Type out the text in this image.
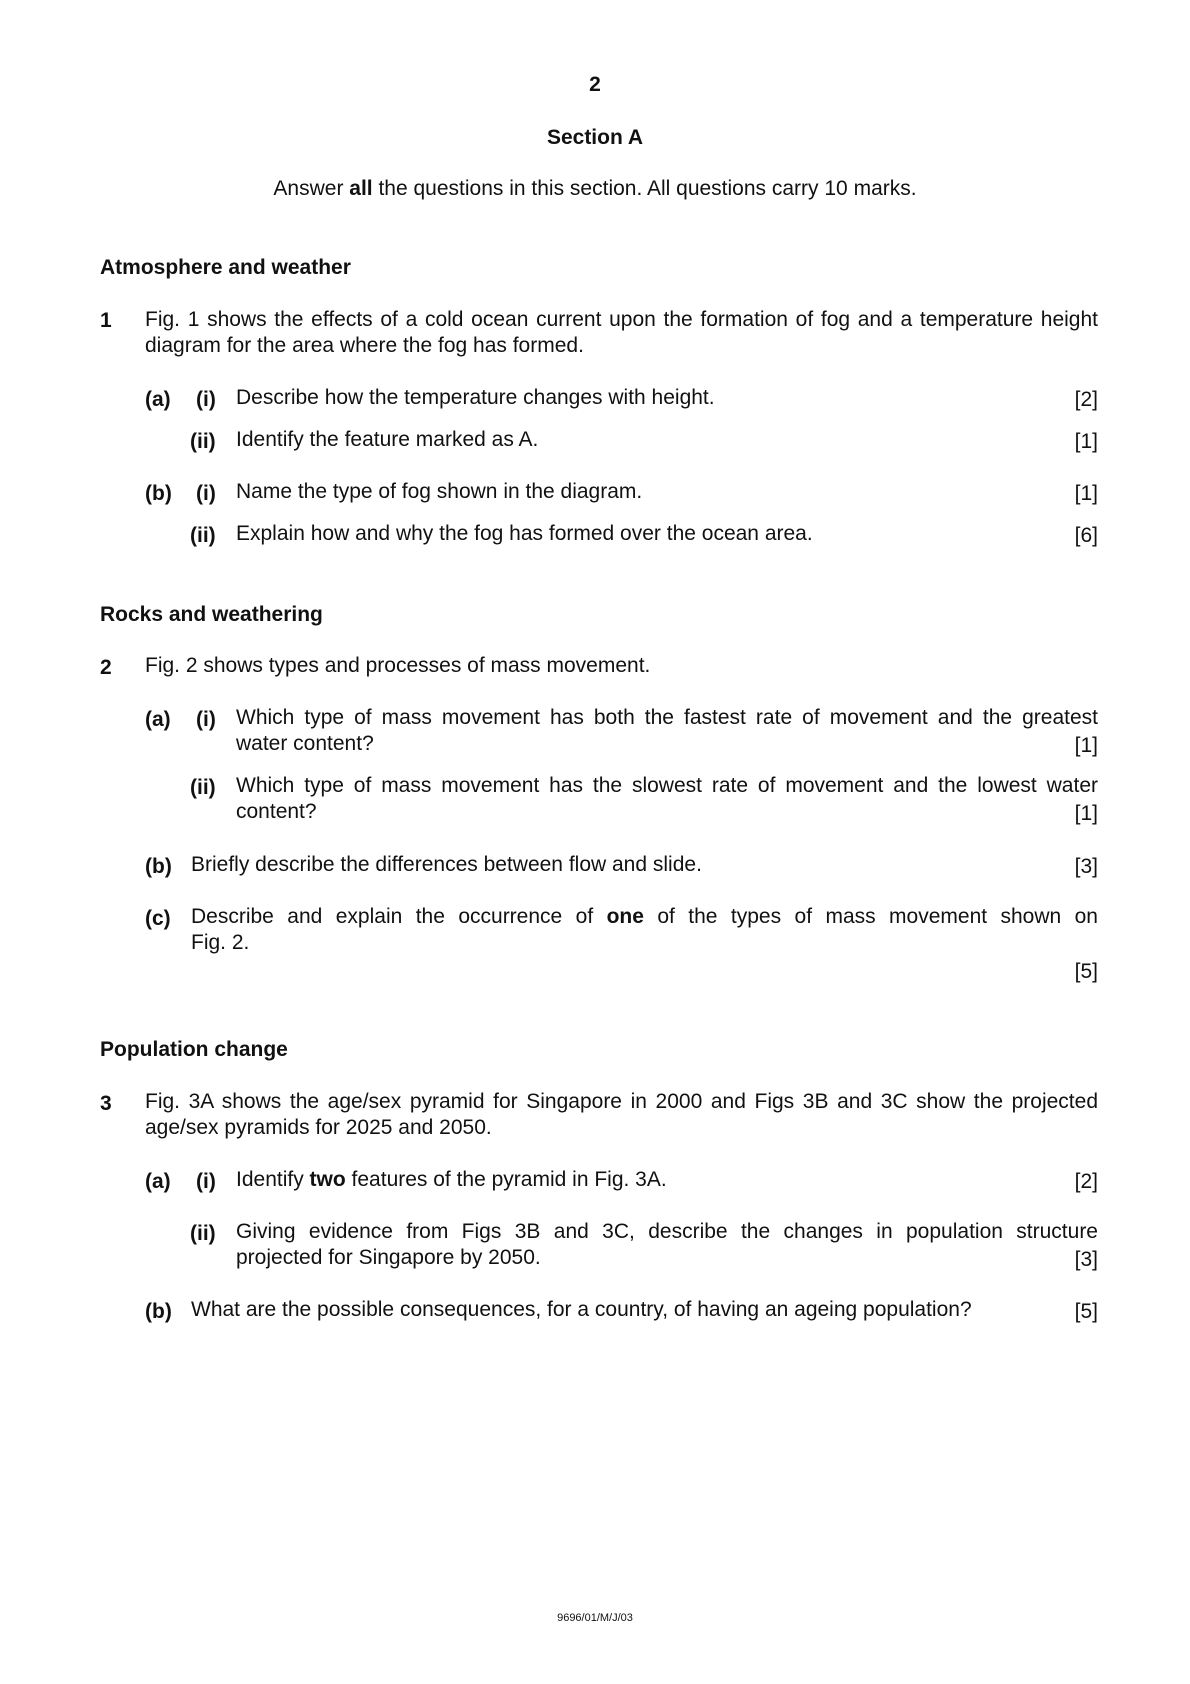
2
Section A
Answer all the questions in this section. All questions carry 10 marks.
Atmosphere and weather
1 Fig. 1 shows the effects of a cold ocean current upon the formation of fog and a temperature height diagram for the area where the fog has formed.
(a) (i) Describe how the temperature changes with height.	[2]
(ii) Identify the feature marked as A.	[1]
(b) (i) Name the type of fog shown in the diagram.	[1]
(ii) Explain how and why the fog has formed over the ocean area.	[6]
Rocks and weathering
2 Fig. 2 shows types and processes of mass movement.
(a) (i) Which type of mass movement has both the fastest rate of movement and the greatest
water content?	[1]
(ii) Which type of mass movement has the slowest rate of movement and the lowest water
content?	[1]
(b) Briefly describe the differences between flow and slide.	[3]
(c) Describe and explain the occurrence of one of the types of mass movement shown on
Fig. 2.
[5]
Population change
3 Fig. 3A shows the age/sex pyramid for Singapore in 2000 and Figs 3B and 3C show the projected age/sex pyramids for 2025 and 2050.
(a) (i) Identify two features of the pyramid in Fig. 3A.	[2]
(ii) Giving evidence from Figs 3B and 3C, describe the changes in population structure
projected for Singapore by 2050.	[3]
(b) What are the possible consequences, for a country, of having an ageing population?	[5]
9696/01/M/J/03
